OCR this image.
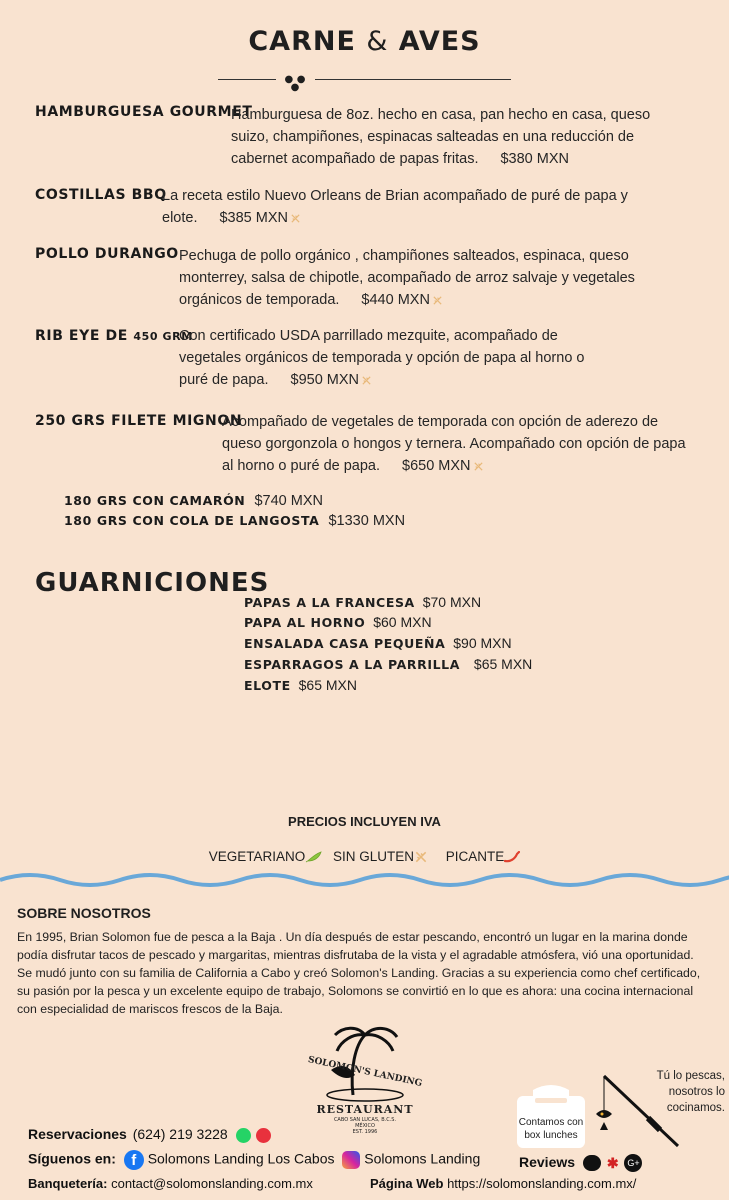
CARNE & AVES
● ● ●
HAMBURGUESA GOURMET
Hamburguesa de 8oz. hecho en casa, pan hecho en casa, queso suizo, champiñones, espinacas salteadas en una reducción de cabernet acompañado de papas fritas. $380 MXN
COSTILLAS BBQ
La receta estilo Nuevo Orleans de Brian acompañado de puré de papa y elote. $385 MXN
POLLO DURANGO Pechuga de pollo orgánico , champiñones salteados, espinaca, queso monterrey, salsa de chipotle, acompañado de arroz salvaje y vegetales orgánicos de temporada. $440 MXN
RIB EYE DE 450 GRM
Con certificado USDA parrillado mezquite, acompañado de vegetales orgánicos de temporada y opción de papa al horno o puré de papa. $950 MXN
250 GRS FILETE MIGNON
Acompañado de vegetales de temporada con opción de aderezo de queso gorgonzola o hongos y ternera. Acompañado con opción de papa al horno o puré de papa. $650 MXN
180 GRS CON CAMARÓN $740 MXN
180 GRS CON COLA DE LANGOSTA $1330 MXN
GUARNICIONES
PAPAS A LA FRANCESA $70 MXN
PAPA AL HORNO $60 MXN
ENSALADA CASA PEQUEÑA $90 MXN
ESPARRAGOS A LA PARRILLA $65 MXN
ELOTE $65 MXN
PRECIOS INCLUYEN IVA
VEGETARIANO SIN GLUTEN PICANTE
SOBRE NOSOTROS
En 1995, Brian Solomon fue de pesca a la Baja . Un día después de estar pescando, encontró un lugar en la marina donde podía disfrutar tacos de pescado y margaritas, mientras disfrutaba de la vista y el agradable atmósfera, vió una oportunidad. Se mudó junto con su familia de California a Cabo y creó Solomon's Landing. Gracias a su experiencia como chef certificado, su pasión por la pesca y un excelente equipo de trabajo, Solomons se convirtió en lo que es ahora: una cocina internacional con especialidad de mariscos frescos de la Baja.
SOLOMON'S LANDING
RESTAURANT
CABO SAN LUCAS, B.C.S.
MÉXICO
EST. 1996
Contamos con box lunches
Tú lo pescas, nosotros lo cocinamos.
Reservaciones (624) 219 3228
Síguenos en: f Solomons Landing Los Cabos Solomons Landing
Banquetería: contact@solomonslanding.com.mx
Reviews ✱ G+
Página Web https://solomonslanding.com.mx/
